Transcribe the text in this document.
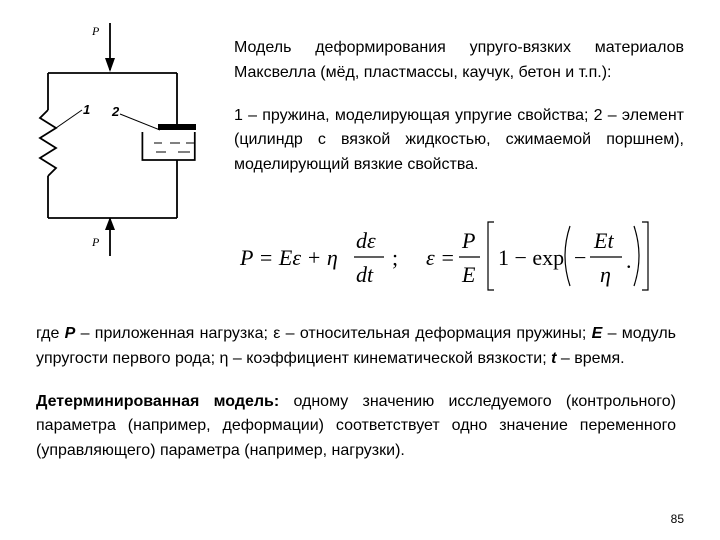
P
P
1 2

Модель деформирования упруго-вязких материалов Максвелла (мёд, пластмассы, каучук, бетон и т.п.):

1 – пружина, моделирующая упругие свойства; 2 – элемент (цилиндр с вязкой жидкостью, сжимаемой поршнем), моделирующий вязкие свойства.

P = Eε + η
dε
dt
; ε =
P
E
1 − exp −
Et
η
.

где P – приложенная нагрузка; ε – относительная деформация пружины; E – модуль упругости первого рода; η – коэффициент кинематической вязкости; t – время.

Детерминированная модель: одному значению исследуемого (контрольного) параметра (например, деформации) соответствует одно значение переменного (управляющего) параметра (например, нагрузки).

85
